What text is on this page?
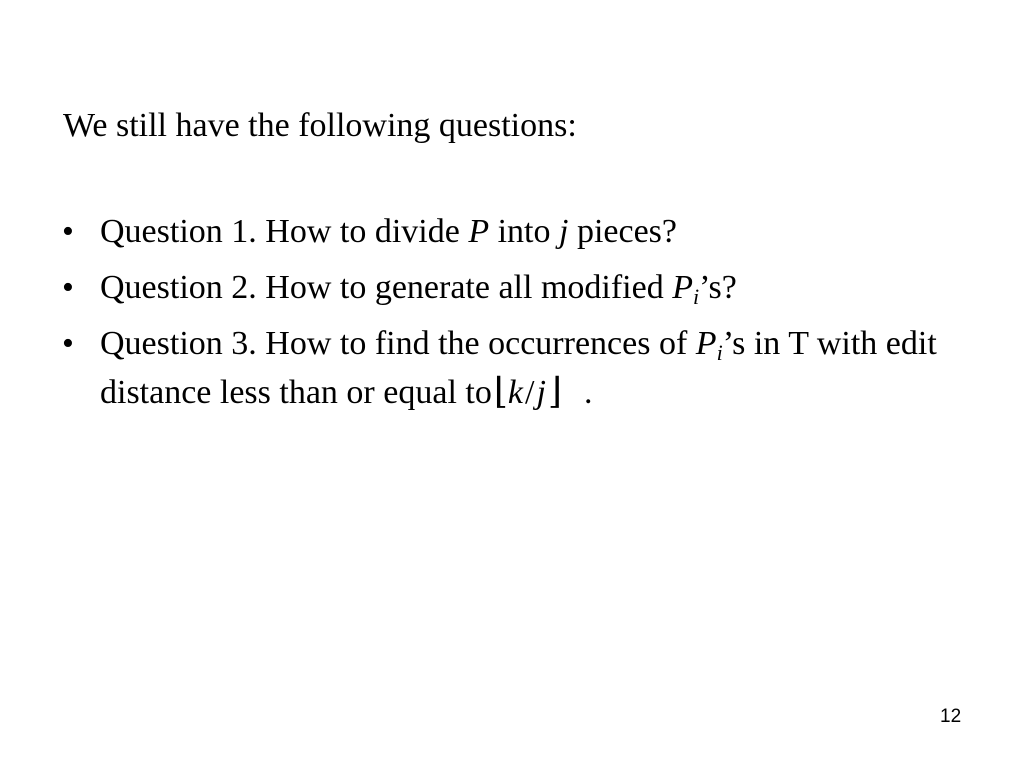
We still have the following questions:
• Question 1. How to divide P into j pieces?
• Question 2. How to generate all modified $P_i’s$?
• Question 3. How to find the occurrences of $P_i’s$ in T with edit distance less than or equal to⌊k/j⌋ .
12
